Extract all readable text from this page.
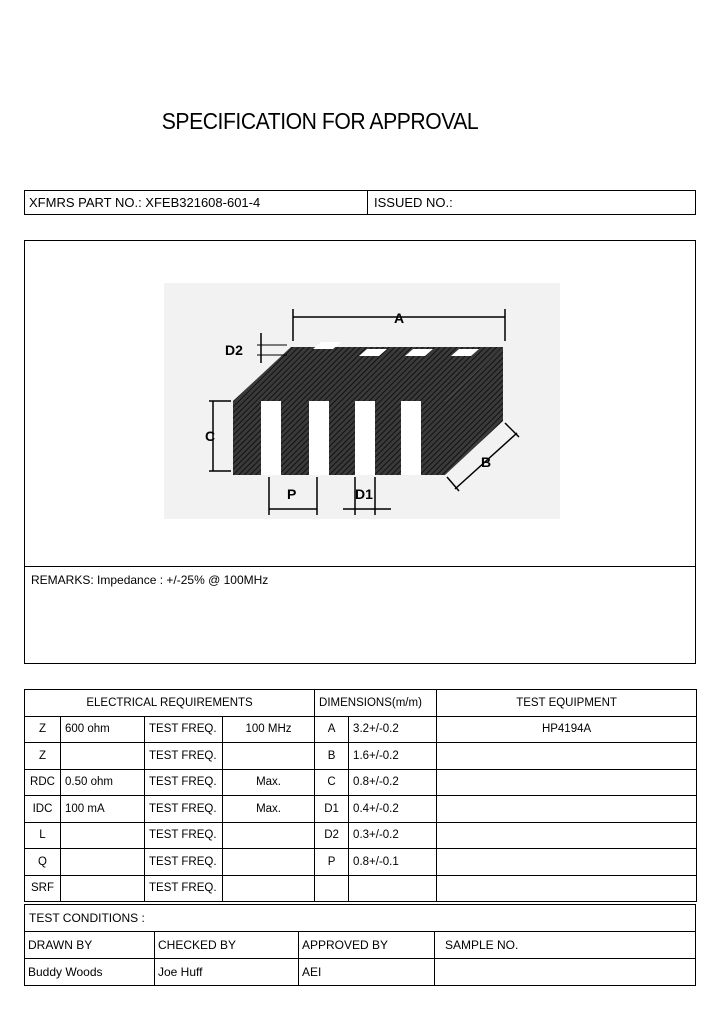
SPECIFICATION FOR APPROVAL
XFMRS PART NO.: XFEB321608-601-4	ISSUED NO.:
A
D2
C
B
P	D1
REMARKS: Impedance : +/-25% @ 100MHz
ELECTRICAL REQUIREMENTS				DIMENSIONS(m/m)		TEST EQUIPMENT
Z	600 ohm	TEST FREQ.	100 MHz	A	3.2+/-0.2	HP4194A
Z		TEST FREQ.		B	1.6+/-0.2	
RDC	0.50 ohm	TEST FREQ.	Max.	C	0.8+/-0.2	
IDC	100 mA	TEST FREQ.	Max.	D1	0.4+/-0.2	
L		TEST FREQ.		D2	0.3+/-0.2	
Q		TEST FREQ.		P	0.8+/-0.1	
SRF		TEST FREQ.				
TEST CONDITIONS :
DRAWN BY	CHECKED BY	APPROVED BY	SAMPLE NO.
Buddy Woods	Joe Huff	AEI
